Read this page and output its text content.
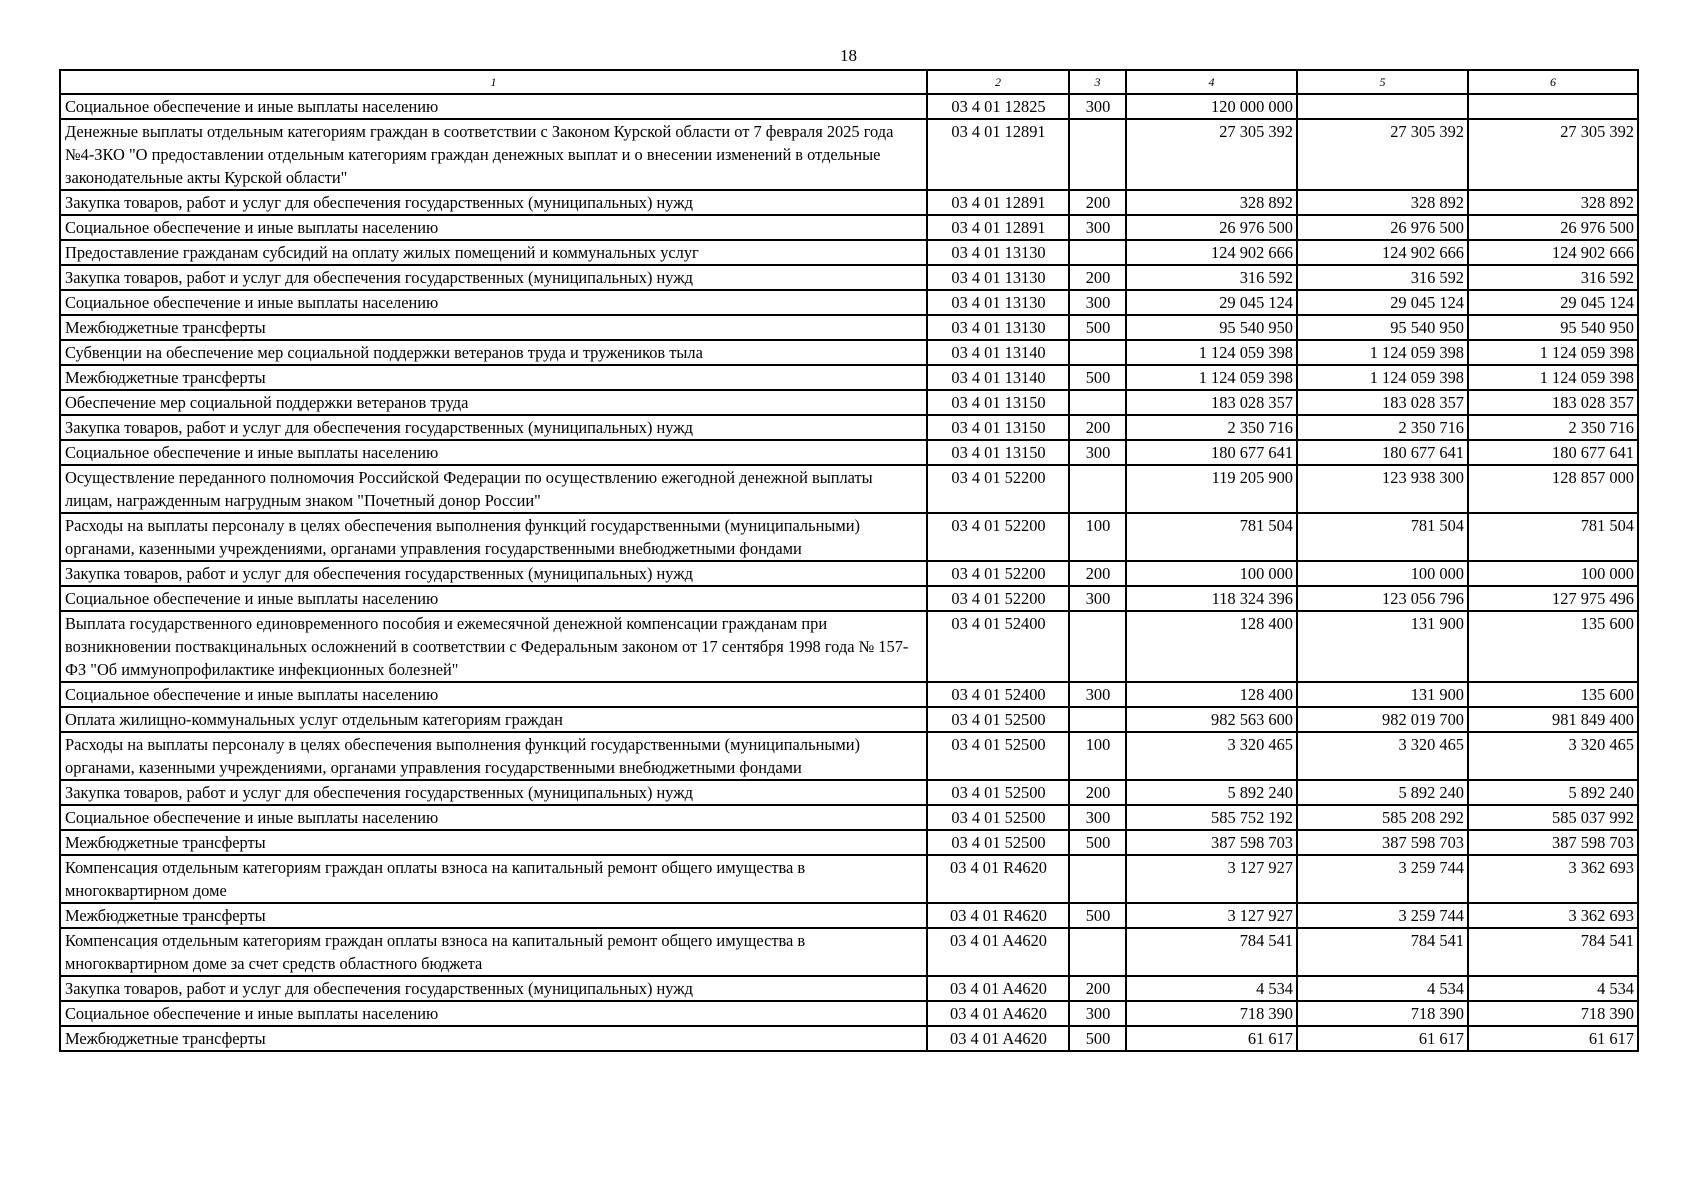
18
1	2	3	4	5	6
Социальное обеспечение и иные выплаты населению	03 4 01 12825	300	120 000 000		
Денежные выплаты отдельным категориям граждан в соответствии с Законом Курской области от 7 февраля 2025 года №4-ЗКО "О предоставлении отдельным категориям граждан денежных выплат и о внесении изменений в отдельные законодательные акты Курской области"	03 4 01 12891		27 305 392	27 305 392	27 305 392
Закупка товаров, работ и услуг для обеспечения государственных (муниципальных) нужд	03 4 01 12891	200	328 892	328 892	328 892
Социальное обеспечение и иные выплаты населению	03 4 01 12891	300	26 976 500	26 976 500	26 976 500
Предоставление гражданам субсидий на оплату жилых помещений и коммунальных услуг	03 4 01 13130		124 902 666	124 902 666	124 902 666
Закупка товаров, работ и услуг для обеспечения государственных (муниципальных) нужд	03 4 01 13130	200	316 592	316 592	316 592
Социальное обеспечение и иные выплаты населению	03 4 01 13130	300	29 045 124	29 045 124	29 045 124
Межбюджетные трансферты	03 4 01 13130	500	95 540 950	95 540 950	95 540 950
Субвенции на обеспечение мер социальной поддержки ветеранов труда и тружеников тыла	03 4 01 13140		1 124 059 398	1 124 059 398	1 124 059 398
Межбюджетные трансферты	03 4 01 13140	500	1 124 059 398	1 124 059 398	1 124 059 398
Обеспечение мер социальной поддержки ветеранов труда	03 4 01 13150		183 028 357	183 028 357	183 028 357
Закупка товаров, работ и услуг для обеспечения государственных (муниципальных) нужд	03 4 01 13150	200	2 350 716	2 350 716	2 350 716
Социальное обеспечение и иные выплаты населению	03 4 01 13150	300	180 677 641	180 677 641	180 677 641
Осуществление переданного полномочия Российской Федерации по осуществлению ежегодной денежной выплаты лицам, награжденным нагрудным знаком "Почетный донор России"	03 4 01 52200		119 205 900	123 938 300	128 857 000
Расходы на выплаты персоналу в целях обеспечения выполнения функций государственными (муниципальными) органами, казенными учреждениями, органами управления государственными внебюджетными фондами	03 4 01 52200	100	781 504	781 504	781 504
Закупка товаров, работ и услуг для обеспечения государственных (муниципальных) нужд	03 4 01 52200	200	100 000	100 000	100 000
Социальное обеспечение и иные выплаты населению	03 4 01 52200	300	118 324 396	123 056 796	127 975 496
Выплата государственного единовременного пособия и ежемесячной денежной компенсации гражданам при возникновении поствакцинальных осложнений в соответствии с Федеральным законом от 17 сентября 1998 года № 157-ФЗ "Об иммунопрофилактике инфекционных болезней"	03 4 01 52400		128 400	131 900	135 600
Социальное обеспечение и иные выплаты населению	03 4 01 52400	300	128 400	131 900	135 600
Оплата жилищно-коммунальных услуг отдельным категориям граждан	03 4 01 52500		982 563 600	982 019 700	981 849 400
Расходы на выплаты персоналу в целях обеспечения выполнения функций государственными (муниципальными) органами, казенными учреждениями, органами управления государственными внебюджетными фондами	03 4 01 52500	100	3 320 465	3 320 465	3 320 465
Закупка товаров, работ и услуг для обеспечения государственных (муниципальных) нужд	03 4 01 52500	200	5 892 240	5 892 240	5 892 240
Социальное обеспечение и иные выплаты населению	03 4 01 52500	300	585 752 192	585 208 292	585 037 992
Межбюджетные трансферты	03 4 01 52500	500	387 598 703	387 598 703	387 598 703
Компенсация отдельным категориям граждан оплаты взноса на капитальный ремонт общего имущества в многоквартирном доме	03 4 01 R4620		3 127 927	3 259 744	3 362 693
Межбюджетные трансферты	03 4 01 R4620	500	3 127 927	3 259 744	3 362 693
Компенсация отдельным категориям граждан оплаты взноса на капитальный ремонт общего имущества в многоквартирном доме за счет средств областного бюджета	03 4 01 A4620		784 541	784 541	784 541
Закупка товаров, работ и услуг для обеспечения государственных (муниципальных) нужд	03 4 01 A4620	200	4 534	4 534	4 534
Социальное обеспечение и иные выплаты населению	03 4 01 A4620	300	718 390	718 390	718 390
Межбюджетные трансферты	03 4 01 A4620	500	61 617	61 617	61 617
